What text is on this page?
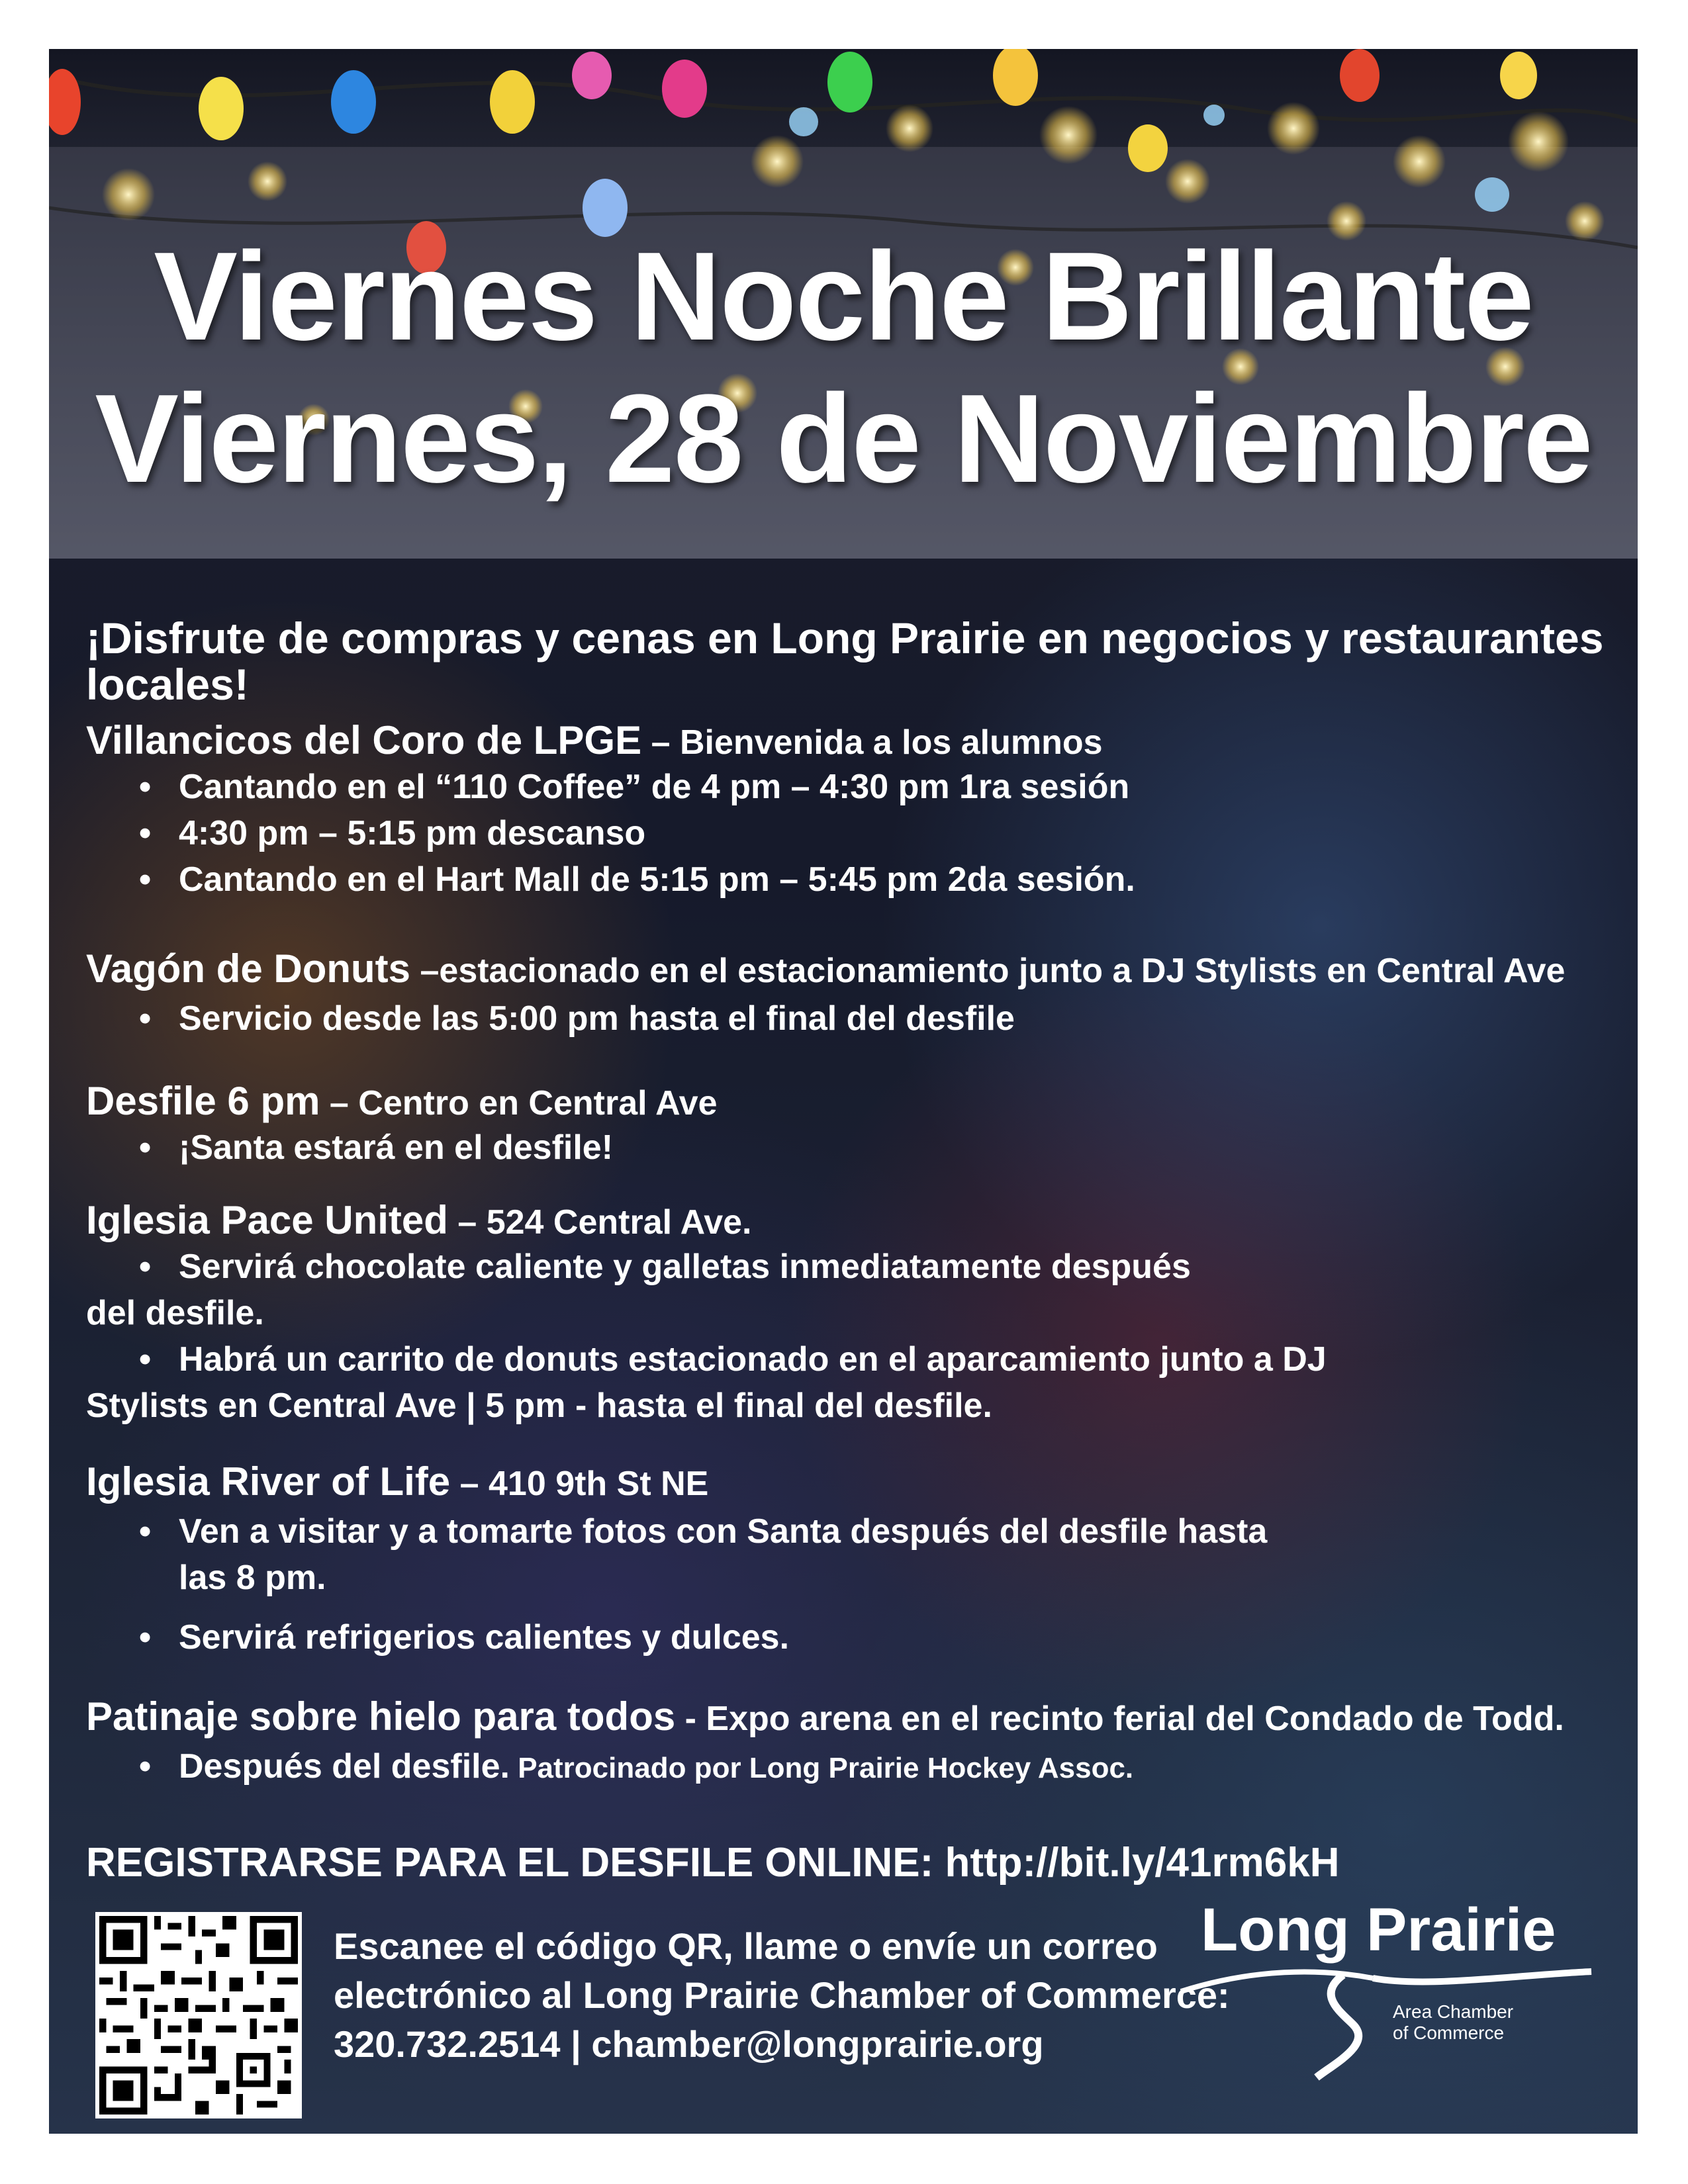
Viernes Noche Brillante
Viernes, 28 de Noviembre
¡Disfrute de compras y cenas en Long Prairie en negocios y restaurantes
locales!
Villancicos del Coro de LPGE – Bienvenida a los alumnos
• Cantando en el “110 Coffee” de 4 pm – 4:30 pm 1ra sesión
• 4:30 pm – 5:15 pm descanso
• Cantando en el Hart Mall de 5:15 pm – 5:45 pm 2da sesión.
Vagón de Donuts –estacionado en el estacionamiento junto a DJ Stylists en Central Ave
• Servicio desde las 5:00 pm hasta el final del desfile
Desfile 6 pm – Centro en Central Ave
• ¡Santa estará en el desfile!
Iglesia Pace United – 524 Central Ave.
• Servirá chocolate caliente y galletas inmediatamente después
del desfile.
• Habrá un carrito de donuts estacionado en el aparcamiento junto a DJ
Stylists en Central Ave | 5 pm - hasta el final del desfile.
Iglesia River of Life – 410 9th St NE
• Ven a visitar y a tomarte fotos con Santa después del desfile hasta
las 8 pm.
• Servirá refrigerios calientes y dulces.
Patinaje sobre hielo para todos - Expo arena en el recinto ferial del Condado de Todd.
• Después del desfile. Patrocinado por Long Prairie Hockey Assoc.
REGISTRARSE PARA EL DESFILE ONLINE: http://bit.ly/41rm6kH
Escanee el código QR, llame o envíe un correo
electrónico al Long Prairie Chamber of Commerce:
320.732.2514 | chamber@longprairie.org
Long Prairie
Area Chamber
of Commerce
